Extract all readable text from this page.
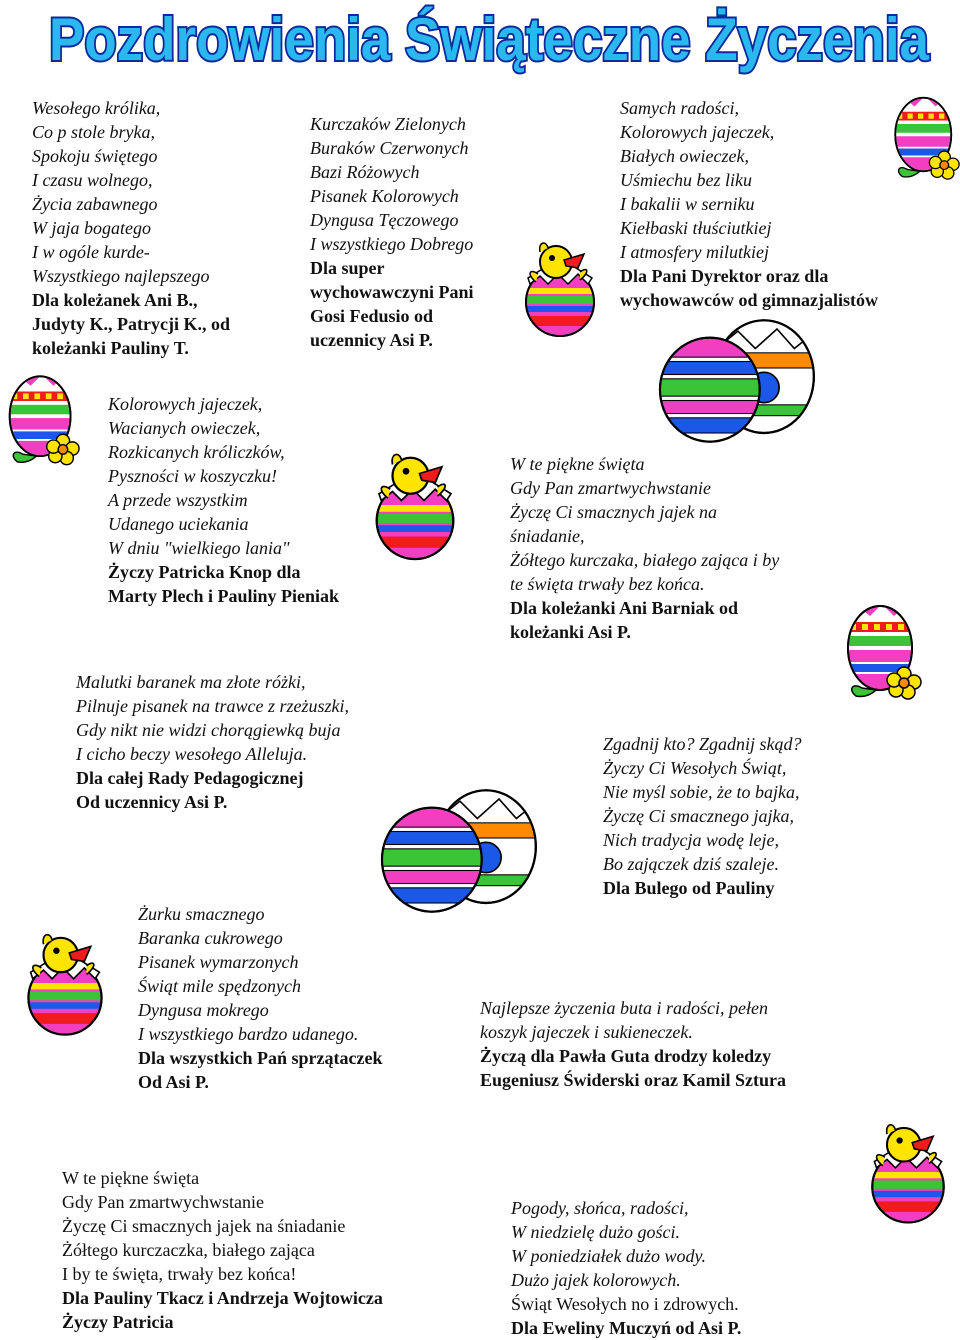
Pozdrowienia Świąteczne Życzenia
Wesołego królika,
Co p stole bryka,
Spokoju świętego
I czasu wolnego,
Życia zabawnego
W jaja bogatego
I w ogóle kurde-
Wszystkiego najlepszego
Dla koleżanek Ani B.,
Judyty K., Patrycji K., od
koleżanki Pauliny T.
Kurczaków Zielonych
Buraków Czerwonych
Bazi Różowych
Pisanek Kolorowych
Dyngusa Tęczowego
I wszystkiego Dobrego
Dla super
wychowawczyni Pani
Gosi Fedusio od
uczennicy Asi P.
Samych radości,
Kolorowych jajeczek,
Białych owieczek,
Uśmiechu bez liku
I bakalii w serniku
Kiełbaski tłuściutkiej
I atmosfery milutkiej
Dla Pani Dyrektor oraz dla
wychowawców od gimnazjalistów
Kolorowych jajeczek,
Wacianych owieczek,
Rozkicanych króliczków,
Pyszności w koszyczku!
A przede wszystkim
Udanego uciekania
W dniu "wielkiego lania"
Życzy Patricka Knop dla
Marty Plech i Pauliny Pieniak
W te piękne święta
Gdy Pan zmartwychwstanie
Życzę Ci smacznych jajek na
śniadanie,
Żółtego kurczaka, białego zająca i by
te święta trwały bez końca.
Dla koleżanki Ani Barniak od
koleżanki Asi P.
Malutki baranek ma złote różki,
Pilnuje pisanek na trawce z rzeżuszki,
Gdy nikt nie widzi chorągiewką buja
I cicho beczy wesołego Alleluja.
Dla całej Rady Pedagogicznej
Od uczennicy Asi P.
Zgadnij kto? Zgadnij skąd?
Życzy Ci Wesołych Świąt,
Nie myśl sobie, że to bajka,
Życzę Ci smacznego jajka,
Nich tradycja wodę leje,
Bo zajączek dziś szaleje.
Dla Bulego od Pauliny
Żurku smacznego
Baranka cukrowego
Pisanek wymarzonych
Świąt mile spędzonych
Dyngusa mokrego
I wszystkiego bardzo udanego.
Dla wszystkich Pań sprzątaczek
Od Asi P.
Najlepsze życzenia buta i radości, pełen
koszyk jajeczek i sukieneczek.
Życzą dla Pawła Guta drodzy koledzy
Eugeniusz Świderski oraz Kamil Sztura
W te piękne święta
Gdy Pan zmartwychwstanie
Życzę Ci smacznych jajek na śniadanie
Żółtego kurczaczka, białego zająca
I by te święta, trwały bez końca!
Dla Pauliny Tkacz i Andrzeja Wojtowicza
Życzy Patricia
Pogody, słońca, radości,
W niedzielę dużo gości.
W poniedziałek dużo wody.
Dużo jajek kolorowych.
Świąt Wesołych no i zdrowych.
Dla Eweliny Muczyń od Asi P.
